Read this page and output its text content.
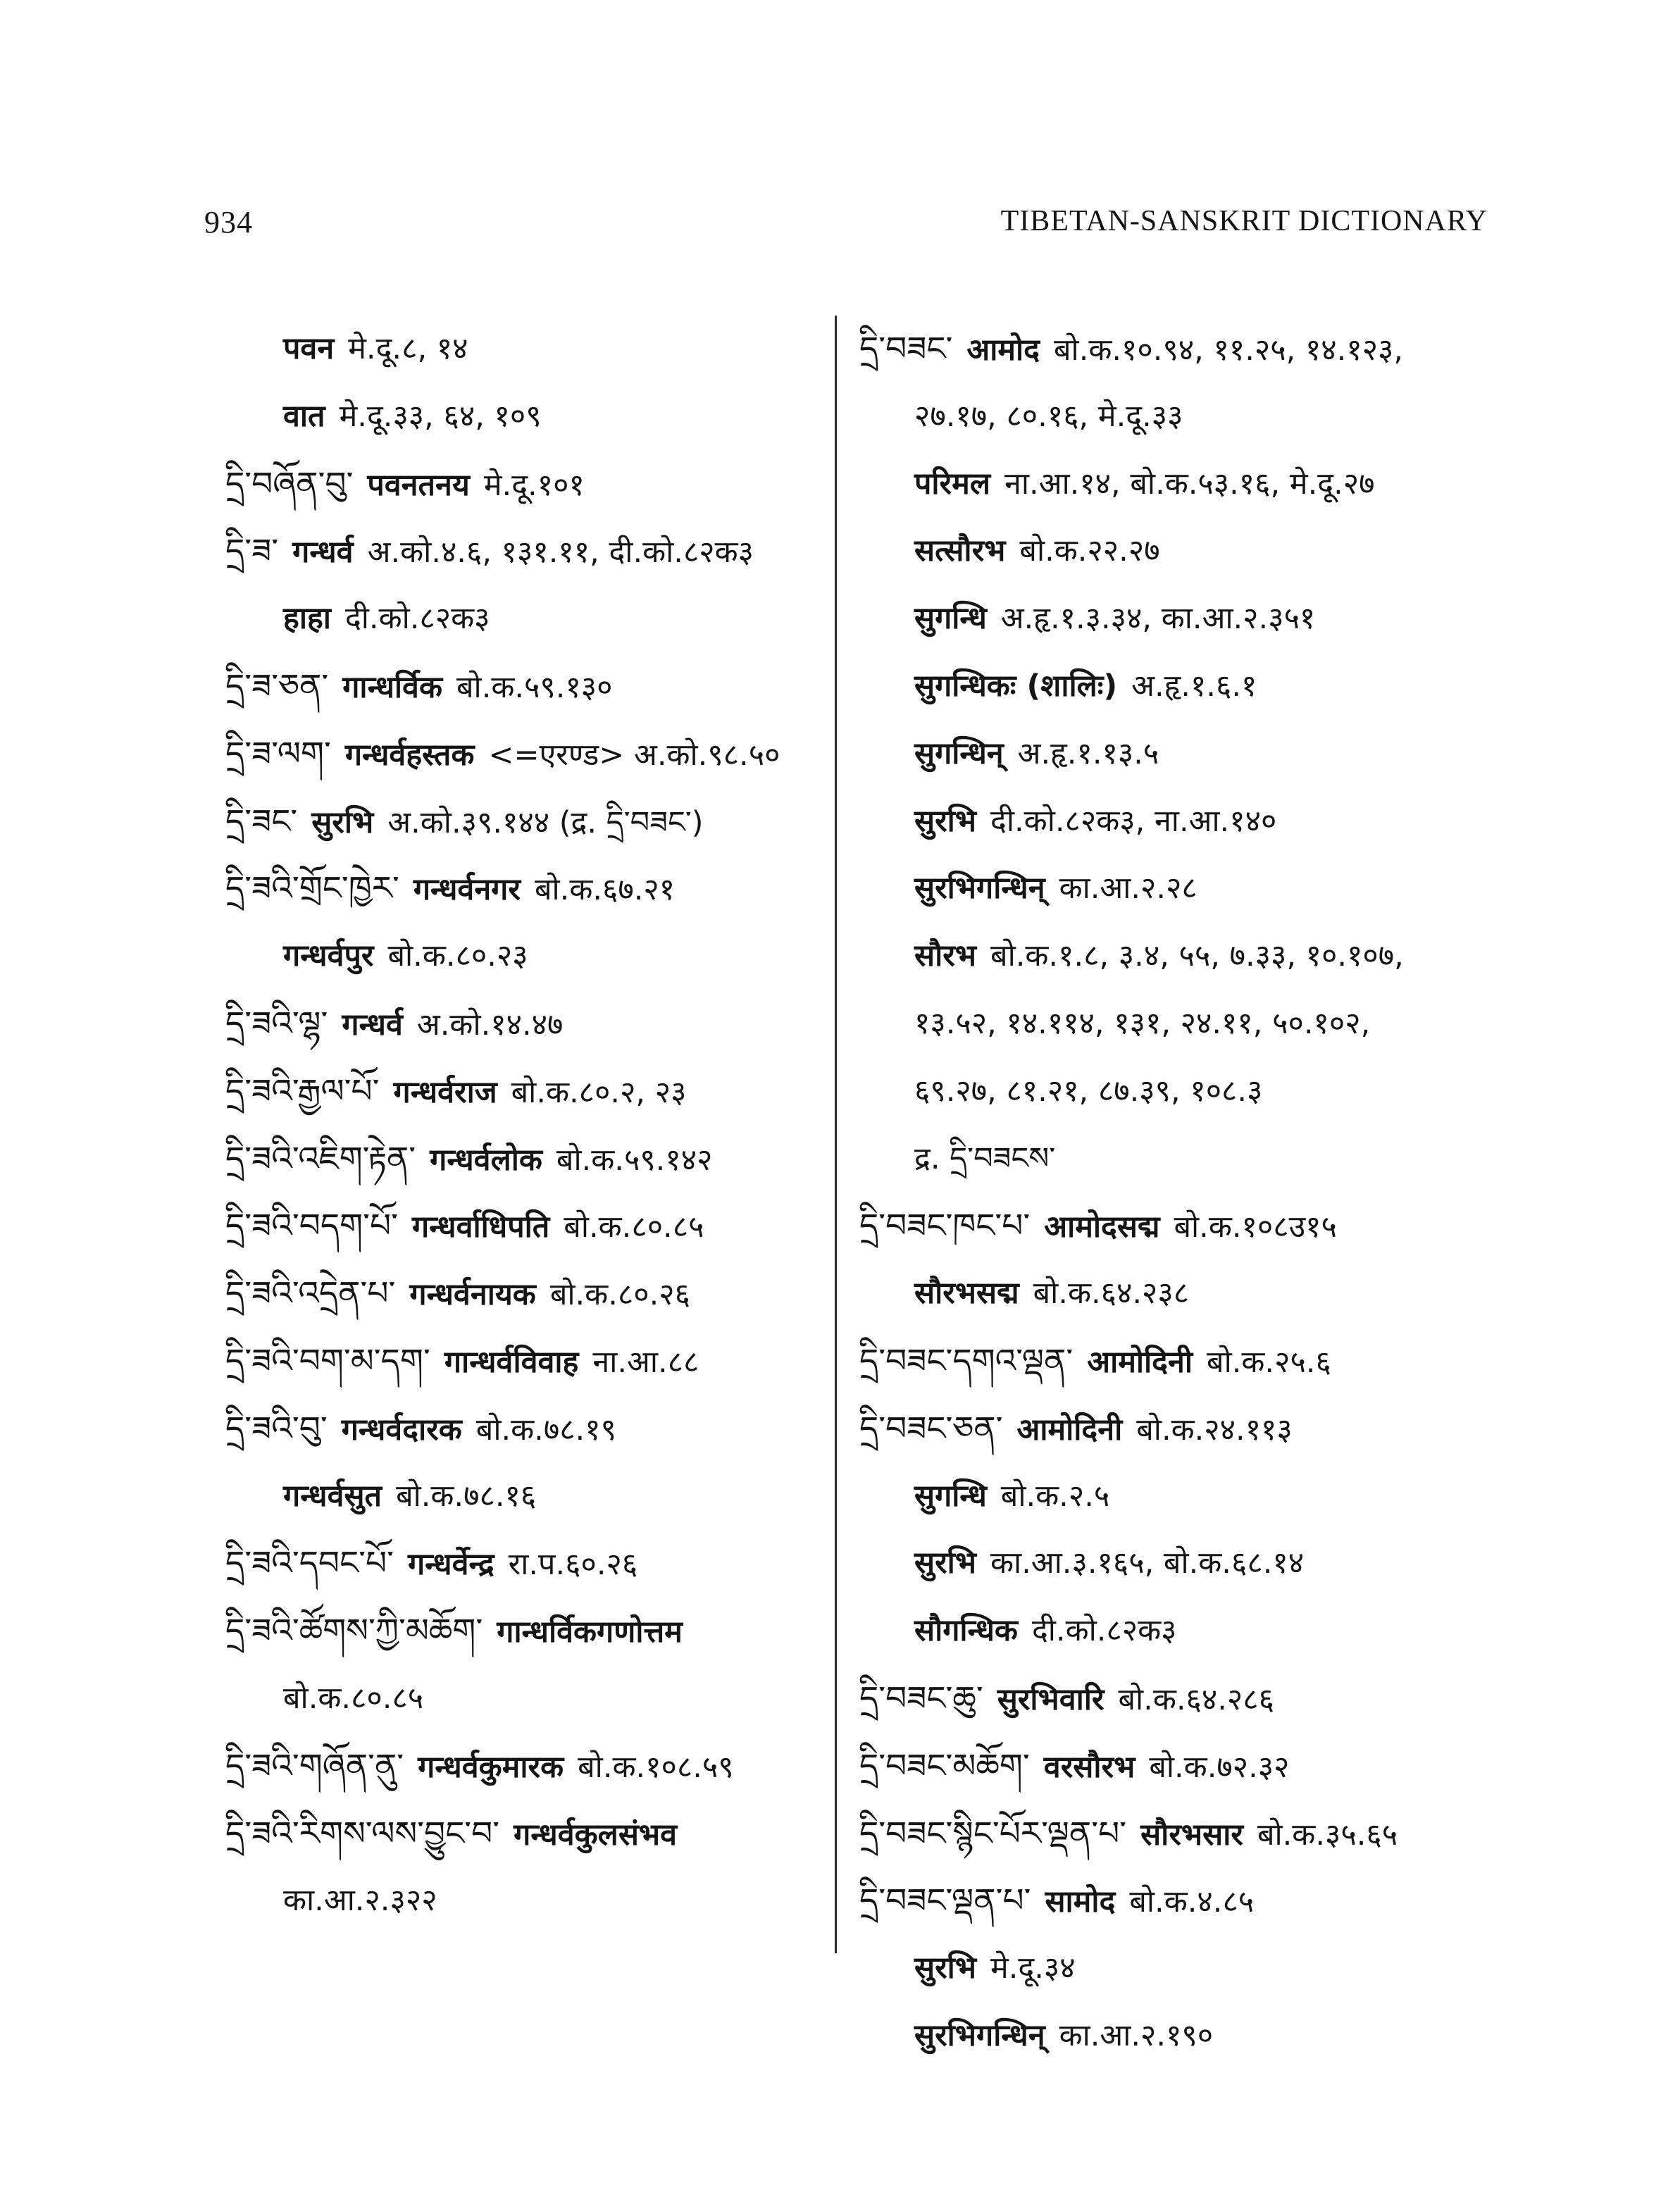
934	TIBETAN-SANSKRIT DICTIONARY
पवन मे.दू.८, १४
वात मे.दू.३३, ६४, १०९
དྲི་བཞོན་བུ་ पवनतनय मे.दू.१०१
དྲི་ཟ་ गन्धर्व अ.को.४.६, १३१.११, दी.को.८२क३
हाहा दी.को.८२क३
དྲི་ཟ་ཅན་ गान्धर्विक बो.क.५९.१३०
དྲི་ཟ་ལག་ गन्धर्वहस्तक <=एरण्ड> अ.को.९८.५०
དྲི་ཟང་ सुरभि अ.को.३९.१४४ (द्र. དྲི་བཟང་)
དྲི་ཟའི་གྲོང་ཁྱེར་ गन्धर्वनगर बो.क.६७.२१
गन्धर्वपुर बो.क.८०.२३
དྲི་ཟའི་ལྷ་ गन्धर्व अ.को.१४.४७
དྲི་ཟའི་རྒྱལ་པོ་ गन्धर्वराज बो.क.८०.२, २३
དྲི་ཟའི་འཇིག་རྟེན་ गन्धर्वलोक बो.क.५९.१४२
དྲི་ཟའི་བདག་པོ་ गन्धर्वाधिपति बो.क.८०.८५
དྲི་ཟའི་འདྲེན་པ་ गन्धर्वनायक बो.क.८०.२६
དྲི་ཟའི་བག་མ་དག་ गान्धर्वविवाह ना.आ.८८
དྲི་ཟའི་བུ་ गन्धर्वदारक बो.क.७८.१९
गन्धर्वसुत बो.क.७८.१६
དྲི་ཟའི་དབང་པོ་ गन्धर्वेन्द्र रा.प.६०.२६
དྲི་ཟའི་ཚོགས་ཀྱི་མཆོག་ गान्धर्विकगणोत्तम
बो.क.८०.८५
དྲི་ཟའི་གཞོན་ནུ་ गन्धर्वकुमारक बो.क.१०८.५९
དྲི་ཟའི་རིགས་ལས་བྱུང་བ་ गन्धर्वकुलसंभव
का.आ.२.३२२
དྲི་བཟང་ आमोद बो.क.१०.९४, ११.२५, १४.१२३,
२७.१७, ८०.१६, मे.दू.३३
परिमल ना.आ.१४, बो.क.५३.१६, मे.दू.२७
सत्सौरभ बो.क.२२.२७
सुगन्धि अ.हृ.१.३.३४, का.आ.२.३५१
सुगन्धिकः (शालिः) अ.हृ.१.६.१
सुगन्धिन् अ.हृ.१.१३.५
सुरभि दी.को.८२क३, ना.आ.१४०
सुरभिगन्धिन् का.आ.२.२८
सौरभ बो.क.१.८, ३.४, ५५, ७.३३, १०.१०७,
१३.५२, १४.११४, १३१, २४.११, ५०.१०२,
६९.२७, ८१.२१, ८७.३९, १०८.३
द्र. དྲི་བཟངས་
དྲི་བཟང་ཁང་པ་ आमोदसद्म बो.क.१०८उ१५
सौरभसद्म बो.क.६४.२३८
དྲི་བཟང་དགའ་ལྡན་ आमोदिनी बो.क.२५.६
དྲི་བཟང་ཅན་ आमोदिनी बो.क.२४.११३
सुगन्धि बो.क.२.५
सुरभि का.आ.३.१६५, बो.क.६८.१४
सौगन्धिक दी.को.८२क३
དྲི་བཟང་ཆུ་ सुरभिवारि बो.क.६४.२८६
དྲི་བཟང་མཆོག་ वरसौरभ बो.क.७२.३२
དྲི་བཟང་སྙིང་པོར་ལྡན་པ་ सौरभसार बो.क.३५.६५
དྲི་བཟང་ལྡན་པ་ सामोद बो.क.४.८५
सुरभि मे.दू.३४
सुरभिगन्धिन् का.आ.२.१९०
